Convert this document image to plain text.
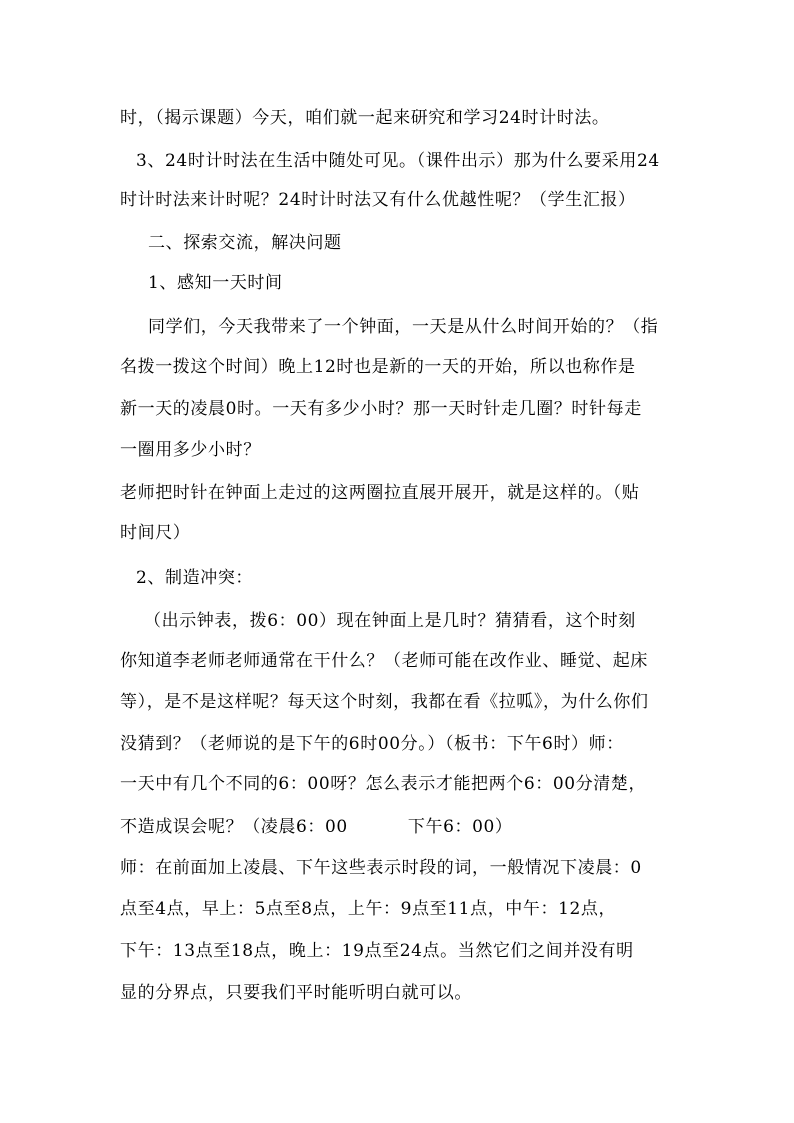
时，（揭示课题）今天，咱们就一起来研究和学习24时计时法。
3、24时计时法在生活中随处可见。（课件出示）那为什么要采用24
时计时法来计时呢？24时计时法又有什么优越性呢？（学生汇报）
二、探索交流，解决问题
1、感知一天时间
同学们，今天我带来了一个钟面，一天是从什么时间开始的？（指
名拨一拨这个时间）晚上12时也是新的一天的开始，所以也称作是
新一天的凌晨0时。一天有多少小时？那一天时针走几圈？时针每走
一圈用多少小时？
老师把时针在钟面上走过的这两圈拉直展开展开，就是这样的。（贴
时间尺）
2、制造冲突：
（出示钟表，拨6：00）现在钟面上是几时？猜猜看，这个时刻
你知道李老师老师通常在干什么？（老师可能在改作业、睡觉、起床
等），是不是这样呢？每天这个时刻，我都在看《拉呱》，为什么你们
没猜到？（老师说的是下午的6时00分。）（板书：下午6时）师：
一天中有几个不同的6：00呀？怎么表示才能把两个6：00分清楚，
不造成误会呢？（凌晨6：00          下午6：00）
师：在前面加上凌晨、下午这些表示时段的词，一般情况下凌晨：0
点至4点，早上：5点至8点，上午：9点至11点，中午：12点，
下午：13点至18点，晚上：19点至24点。当然它们之间并没有明
显的分界点，只要我们平时能听明白就可以。
